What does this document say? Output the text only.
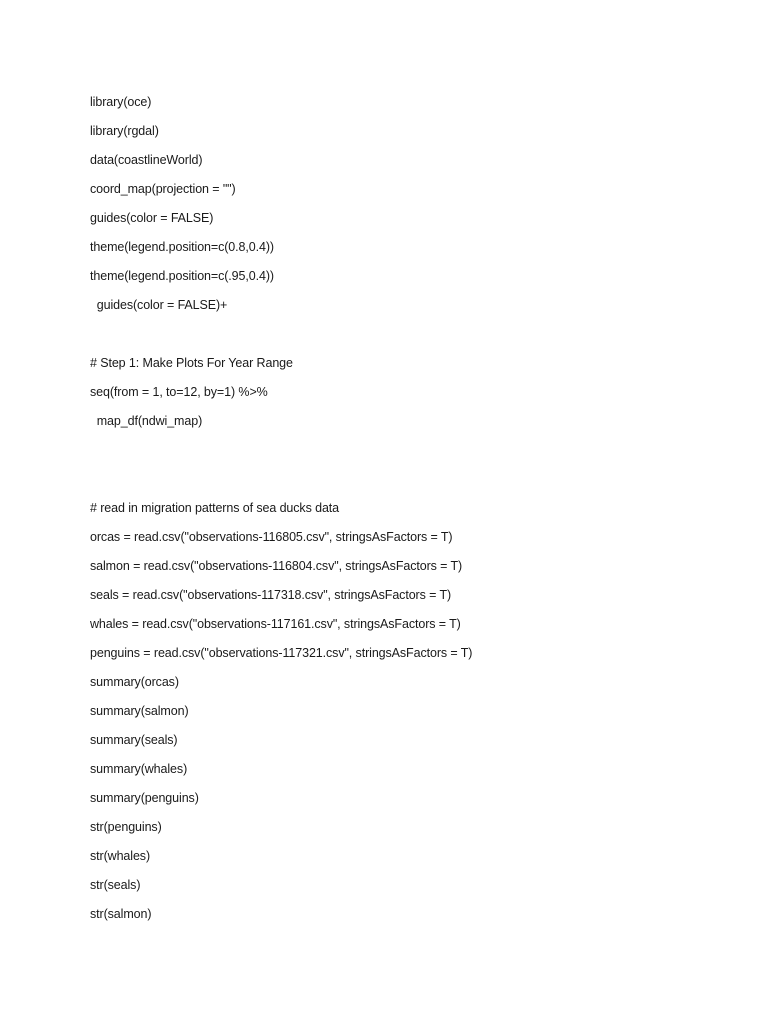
library(oce)
library(rgdal)
data(coastlineWorld)
coord_map(projection = "")
guides(color = FALSE)
theme(legend.position=c(0.8,0.4))
theme(legend.position=c(.95,0.4))
guides(color = FALSE)+
# Step 1: Make Plots For Year Range
seq(from = 1, to=12, by=1) %>%
map_df(ndwi_map)
# read in migration patterns of sea ducks data
orcas = read.csv("observations-116805.csv", stringsAsFactors = T)
salmon = read.csv("observations-116804.csv", stringsAsFactors = T)
seals = read.csv("observations-117318.csv", stringsAsFactors = T)
whales = read.csv("observations-117161.csv", stringsAsFactors = T)
penguins = read.csv("observations-117321.csv", stringsAsFactors = T)
summary(orcas)
summary(salmon)
summary(seals)
summary(whales)
summary(penguins)
str(penguins)
str(whales)
str(seals)
str(salmon)
